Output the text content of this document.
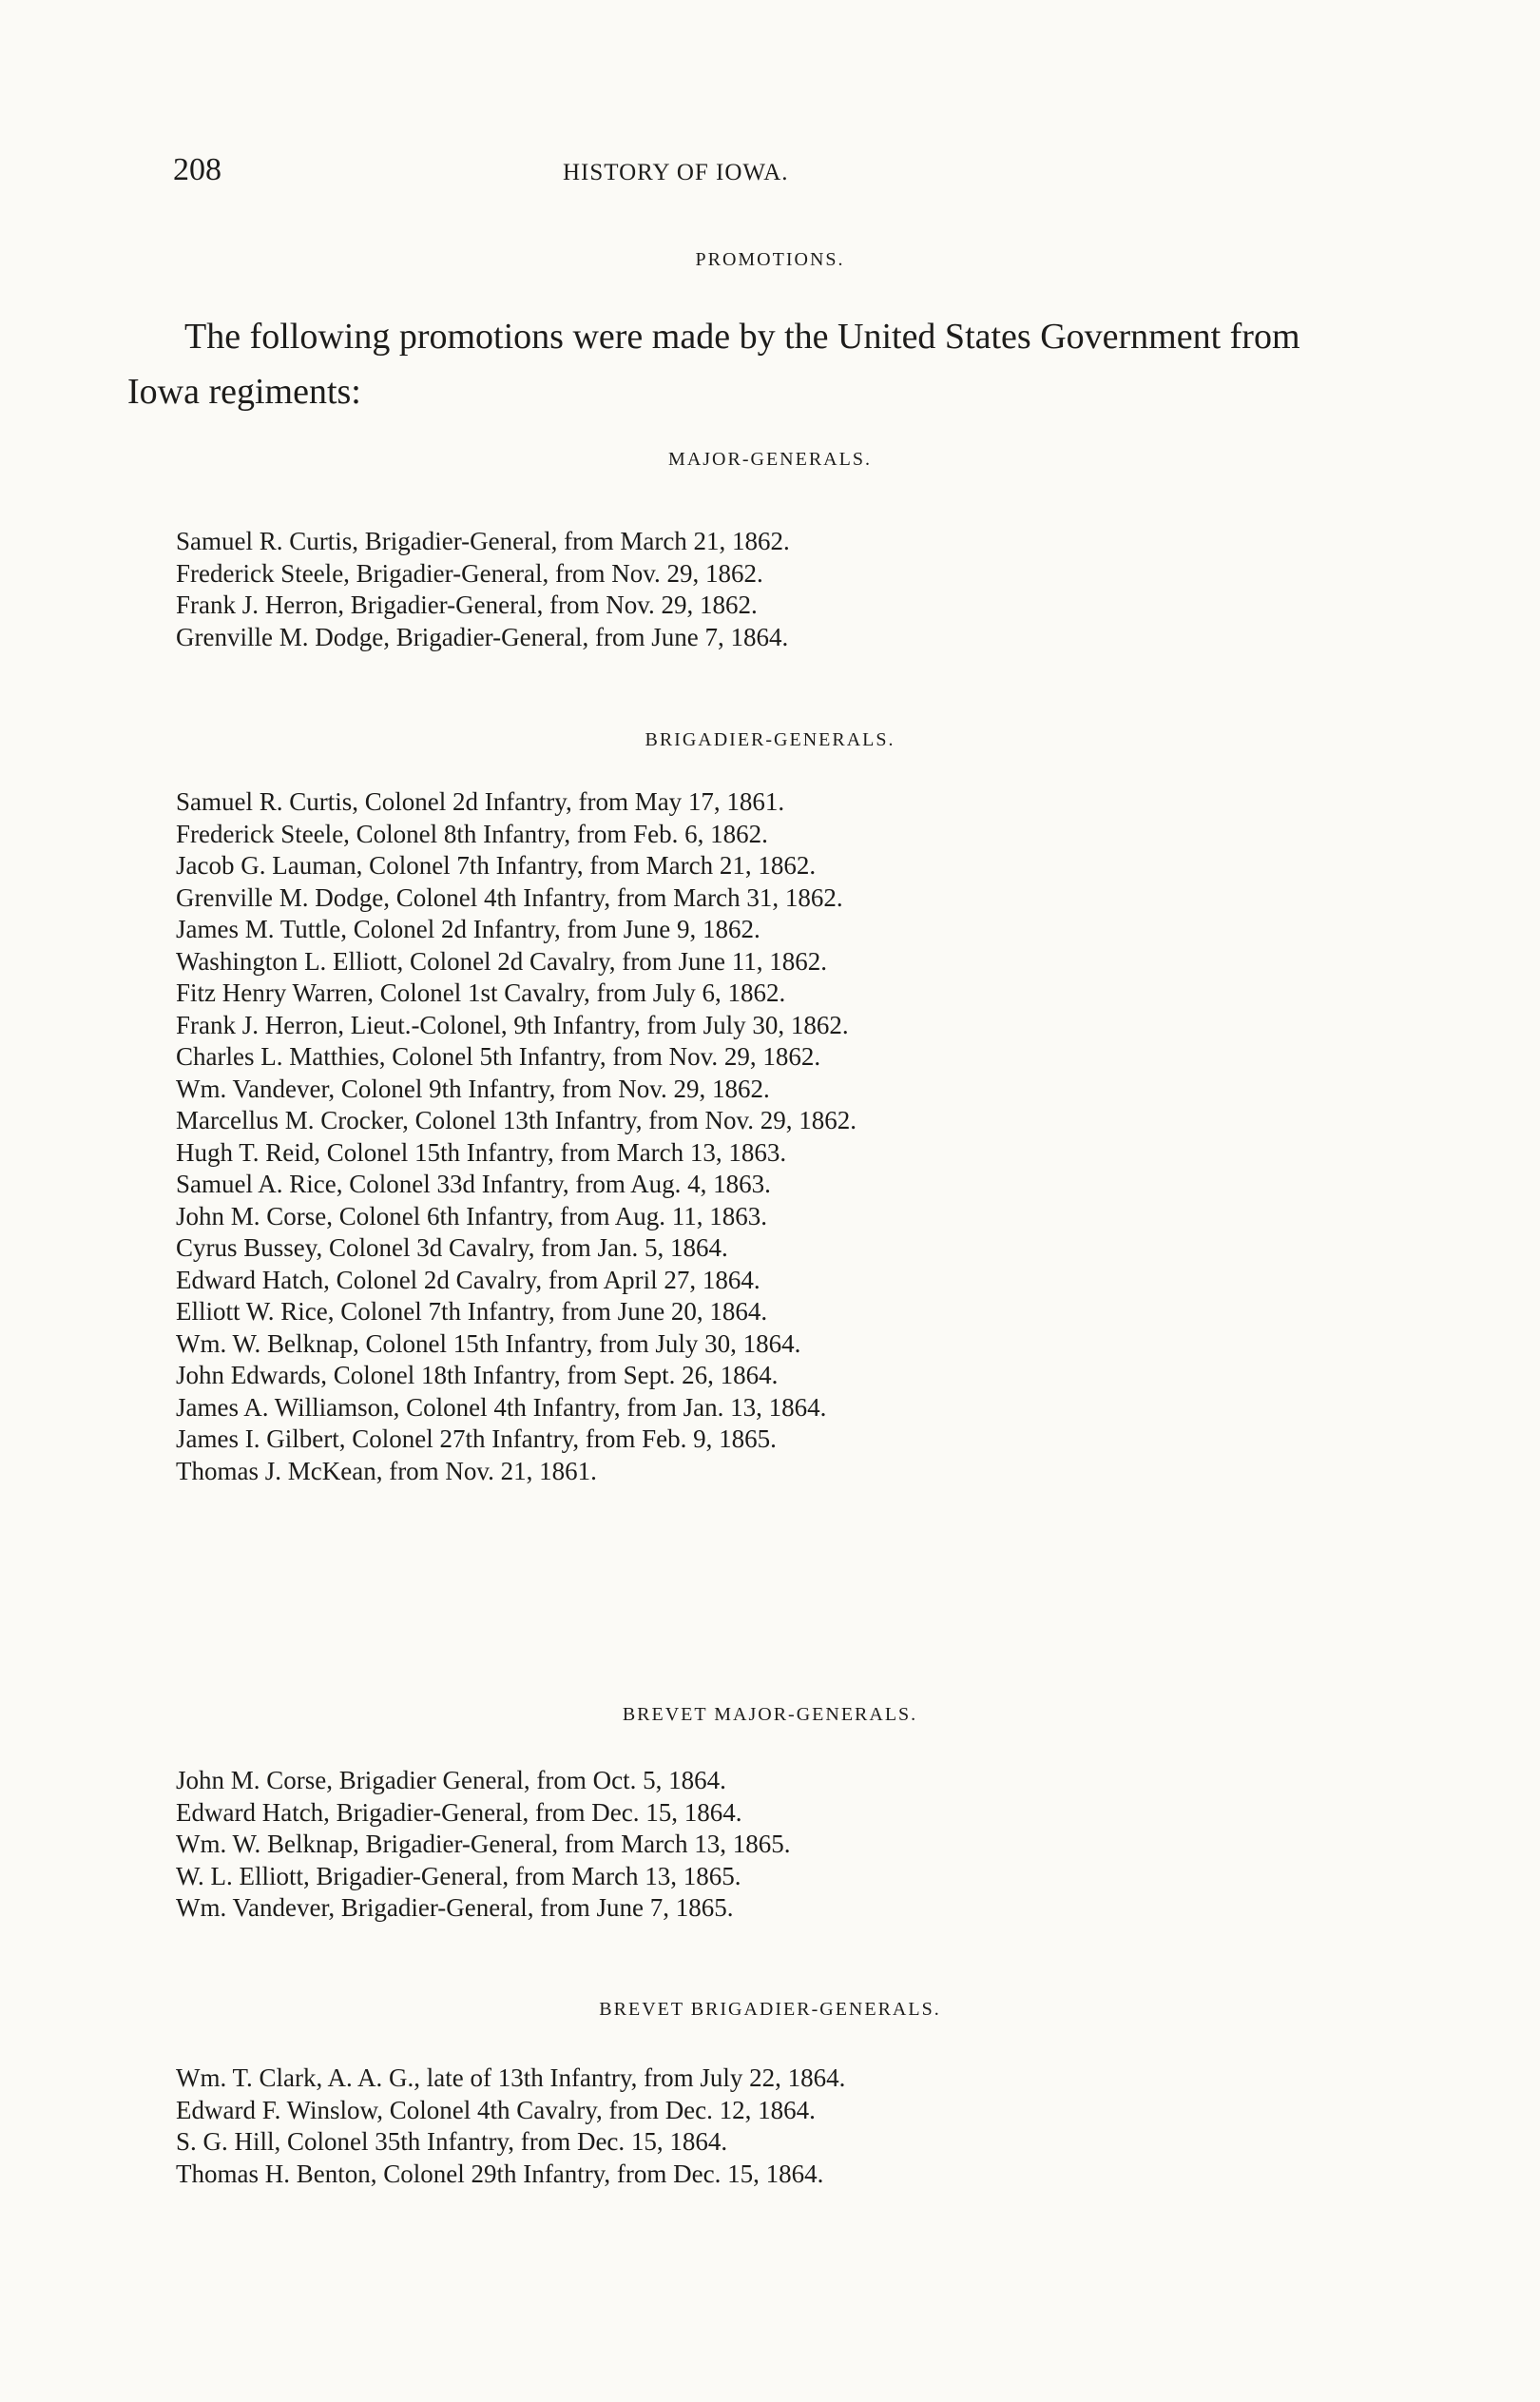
208	HISTORY OF IOWA.
PROMOTIONS.

The following promotions were made by the United States Government from Iowa regiments:

MAJOR-GENERALS.
Samuel R. Curtis, Brigadier-General, from March 21, 1862.
Frederick Steele, Brigadier-General, from Nov. 29, 1862.
Frank J. Herron, Brigadier-General, from Nov. 29, 1862.
Grenville M. Dodge, Brigadier-General, from June 7, 1864.
BRIGADIER-GENERALS.
Samuel R. Curtis, Colonel 2d Infantry, from May 17, 1861.
Frederick Steele, Colonel 8th Infantry, from Feb. 6, 1862.
Jacob G. Lauman, Colonel 7th Infantry, from March 21, 1862.
Grenville M. Dodge, Colonel 4th Infantry, from March 31, 1862.
James M. Tuttle, Colonel 2d Infantry, from June 9, 1862.
Washington L. Elliott, Colonel 2d Cavalry, from June 11, 1862.
Fitz Henry Warren, Colonel 1st Cavalry, from July 6, 1862.
Frank J. Herron, Lieut.-Colonel, 9th Infantry, from July 30, 1862.
Charles L. Matthies, Colonel 5th Infantry, from Nov. 29, 1862.
Wm. Vandever, Colonel 9th Infantry, from Nov. 29, 1862.
Marcellus M. Crocker, Colonel 13th Infantry, from Nov. 29, 1862.
Hugh T. Reid, Colonel 15th Infantry, from March 13, 1863.
Samuel A. Rice, Colonel 33d Infantry, from Aug. 4, 1863.
John M. Corse, Colonel 6th Infantry, from Aug. 11, 1863.
Cyrus Bussey, Colonel 3d Cavalry, from Jan. 5, 1864.
Edward Hatch, Colonel 2d Cavalry, from April 27, 1864.
Elliott W. Rice, Colonel 7th Infantry, from June 20, 1864.
Wm. W. Belknap, Colonel 15th Infantry, from July 30, 1864.
John Edwards, Colonel 18th Infantry, from Sept. 26, 1864.
James A. Williamson, Colonel 4th Infantry, from Jan. 13, 1864.
James I. Gilbert, Colonel 27th Infantry, from Feb. 9, 1865.
Thomas J. McKean, from Nov. 21, 1861.
BREVET MAJOR-GENERALS.
John M. Corse, Brigadier General, from Oct. 5, 1864.
Edward Hatch, Brigadier-General, from Dec. 15, 1864.
Wm. W. Belknap, Brigadier-General, from March 13, 1865.
W. L. Elliott, Brigadier-General, from March 13, 1865.
Wm. Vandever, Brigadier-General, from June 7, 1865.
BREVET BRIGADIER-GENERALS.
Wm. T. Clark, A. A. G., late of 13th Infantry, from July 22, 1864.
Edward F. Winslow, Colonel 4th Cavalry, from Dec. 12, 1864.
S. G. Hill, Colonel 35th Infantry, from Dec. 15, 1864.
Thomas H. Benton, Colonel 29th Infantry, from Dec. 15, 1864.
